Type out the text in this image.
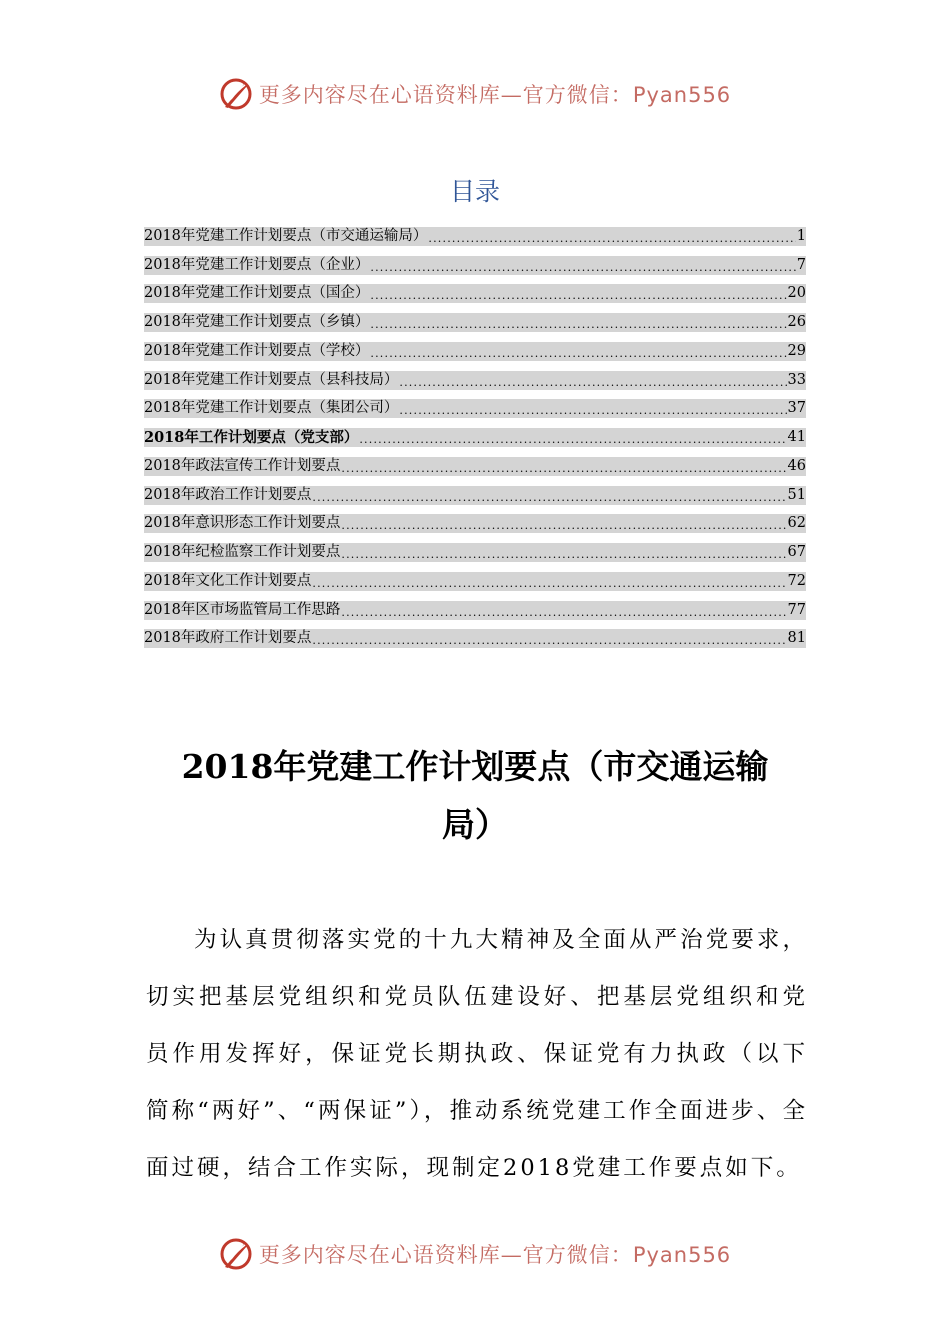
更多内容尽在心语资料库—官方微信：Pyan556
目录
2018年党建工作计划要点（市交通运输局） .....	1
2018年党建工作计划要点（企业） .....	7
2018年党建工作计划要点（国企） .....	20
2018年党建工作计划要点（乡镇） .....	26
2018年党建工作计划要点（学校） .....	29
2018年党建工作计划要点（县科技局） .....	33
2018年党建工作计划要点（集团公司） .....	37
2018年工作计划要点（党支部） .....	41
2018年政法宣传工作计划要点 .....	46
2018年政治工作计划要点 .....	51
2018年意识形态工作计划要点 .....	62
2018年纪检监察工作计划要点 .....	67
2018年文化工作计划要点 .....	72
2018年区市场监管局工作思路 .....	77
2018年政府工作计划要点 .....	81
2018年党建工作计划要点（市交通运输
局）
为认真贯彻落实党的十九大精神及全面从严治党要求，切实把基层党组织和党员队伍建设好、把基层党组织和党员作用发挥好，保证党长期执政、保证党有力执政（以下简称“两好”、“两保证”），推动系统党建工作全面进步、全面过硬，结合工作实际，现制定2018党建工作要点如下。
更多内容尽在心语资料库—官方微信：Pyan556
